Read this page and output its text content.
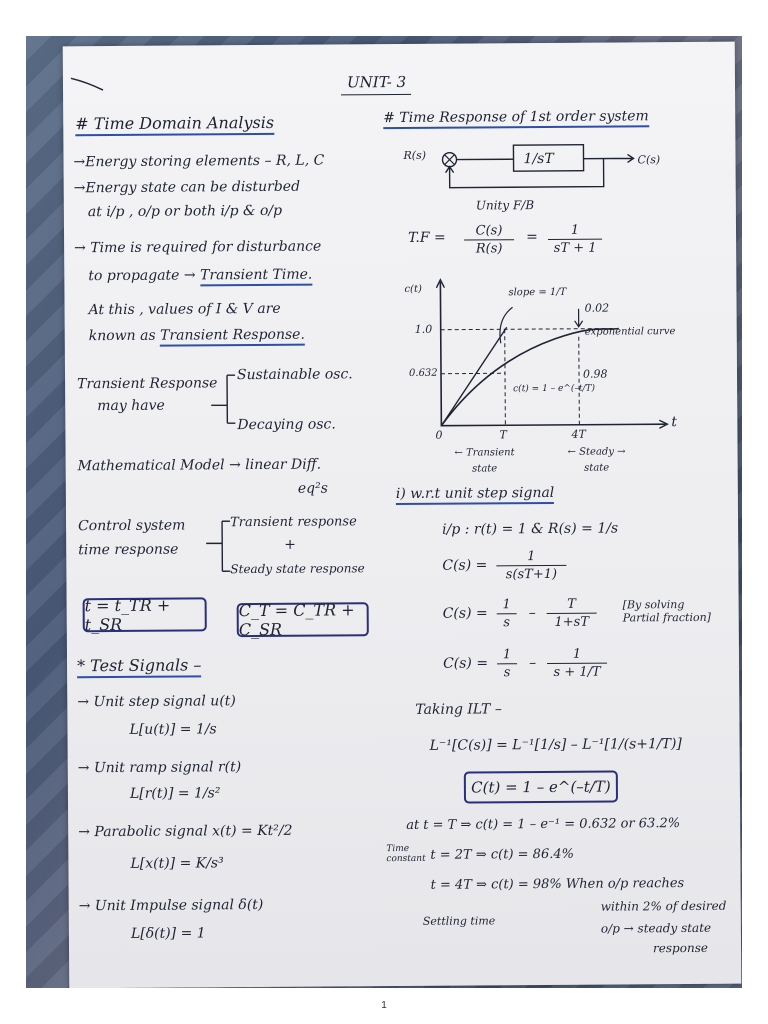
UNIT- 3
# Time Domain Analysis
→Energy storing elements – R, L, C
→Energy state can be disturbed
at i/p , o/p or both i/p & o/p
→ Time is required for disturbance
to propagate → Transient Time.
At this , values of I & V are
known as Transient Response.
Transient Response
may have
Sustainable osc.
Decaying osc.
Mathematical Model → linear Diff.
eq²s
Control system
time response
Transient response
+
Steady state response
t = t_TR + t_SR
C_T = C_TR + C_SR
* Test Signals –
→ Unit step signal u(t)
L[u(t)] = 1/s
→ Unit ramp signal r(t)
L[r(t)] = 1/s²
→ Parabolic signal x(t) = Kt²/2
L[x(t)] = K/s³
→ Unit Impulse signal δ(t)
L[δ(t)] = 1
# Time Response of 1st order system
R(s)	1/sT	C(s)
Unity F/B
T.F =	C(s)
R(s)
=	1
sT + 1
c(t)
t
slope = 1/T
1.0
0.632
0	T	4T
0.02
0.98
exponential curve
c(t) = 1 – e^(–t/T)
← Transient state
← Steady → state
i) w.r.t unit step signal
i/p : r(t) = 1 & R(s) = 1/s
C(s) =
1
s(sT+1)
C(s) =
1
s
–
T
1+sT
[By solving Partial fraction]
C(s) =
1
s
–
1
s + 1/T
Taking ILT –
L⁻¹[C(s)] = L⁻¹[1/s] – L⁻¹[1/(s+1/T)]
C(t) = 1 – e^(–t/T)
at t = T ⇒ c(t) = 1 – e⁻¹ = 0.632 or 63.2%
Time constant t = 2T ⇒ c(t) = 86.4%
t = 4T ⇒ c(t) = 98% When o/p reaches
within 2% of desired
o/p → steady state
response
Settling time
1
